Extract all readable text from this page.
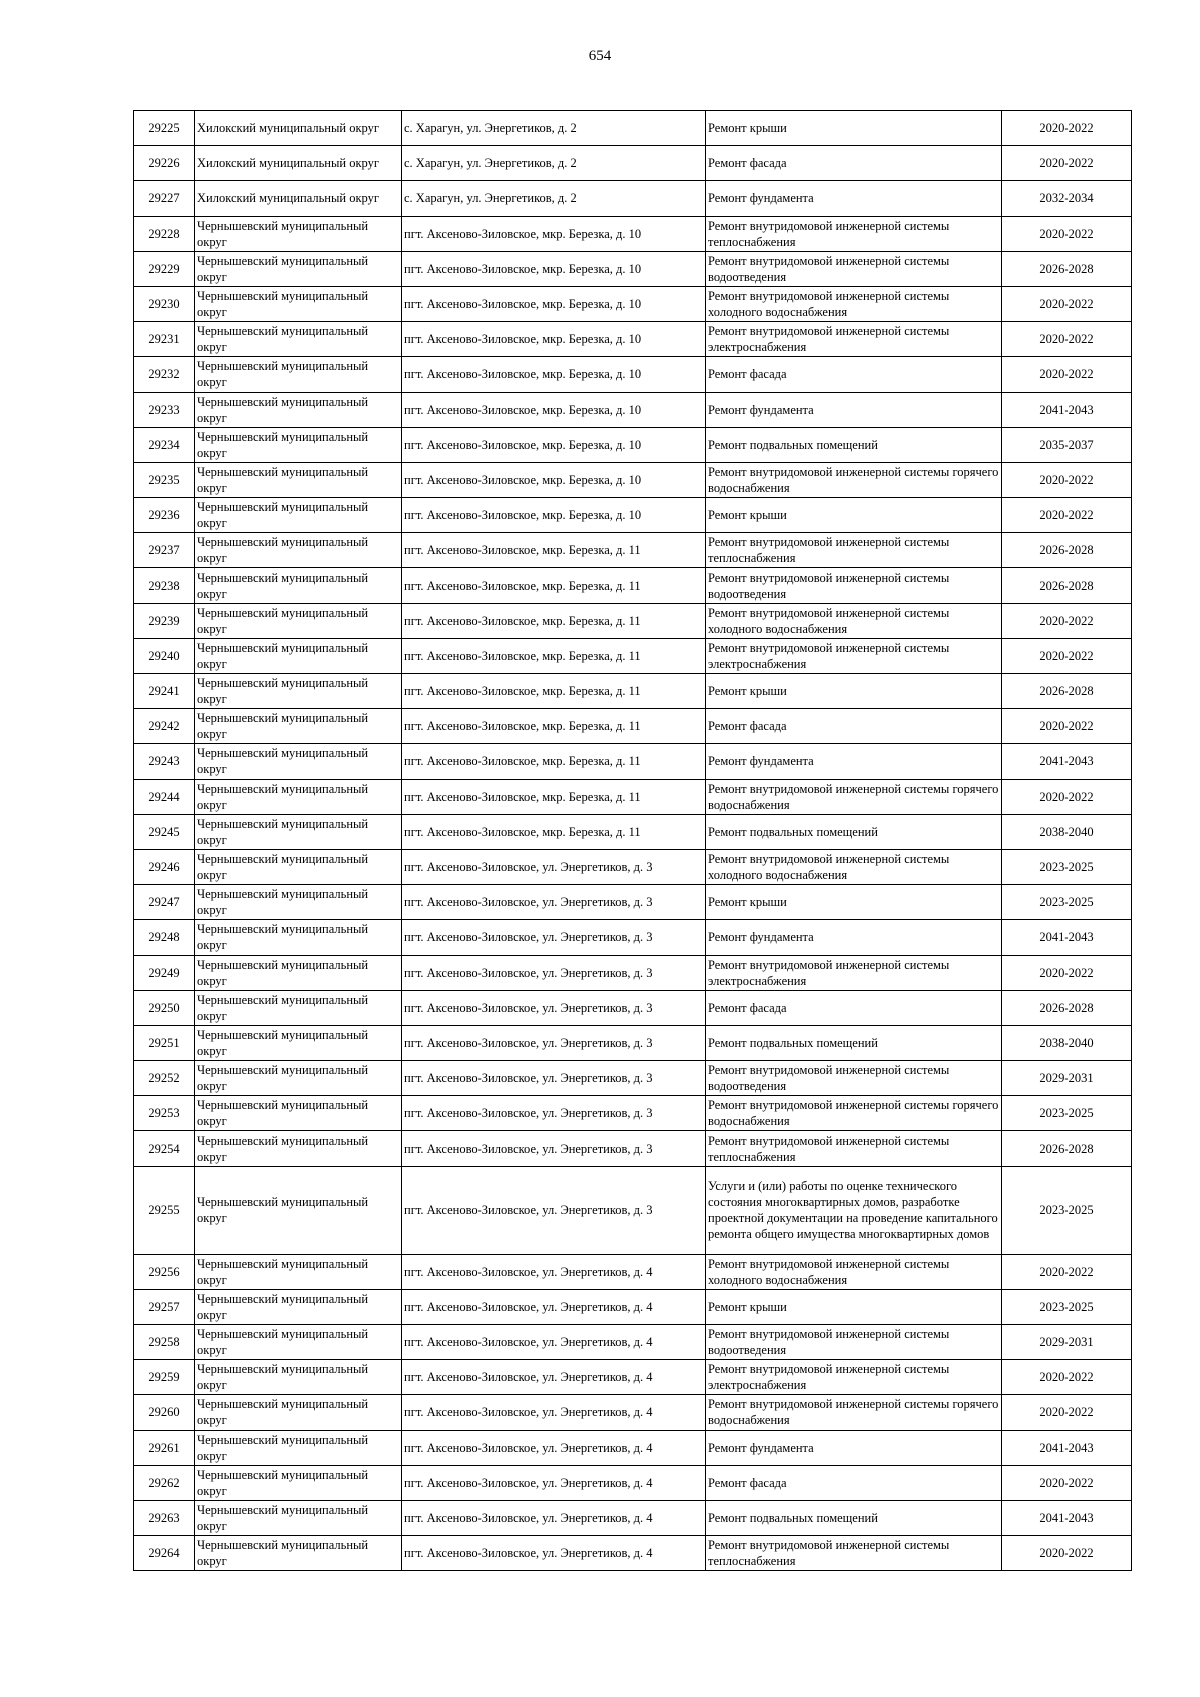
654
29225	Хилокский муниципальный округ	с. Харагун, ул. Энергетиков, д. 2	Ремонт крыши	2020-2022
29226	Хилокский муниципальный округ	с. Харагун, ул. Энергетиков, д. 2	Ремонт фасада	2020-2022
29227	Хилокский муниципальный округ	с. Харагун, ул. Энергетиков, д. 2	Ремонт фундамента	2032-2034
29228	Чернышевский муниципальный округ	пгт. Аксеново-Зиловское, мкр. Березка, д. 10	Ремонт внутридомовой инженерной системы теплоснабжения	2020-2022
29229	Чернышевский муниципальный округ	пгт. Аксеново-Зиловское, мкр. Березка, д. 10	Ремонт внутридомовой инженерной системы водоотведения	2026-2028
29230	Чернышевский муниципальный округ	пгт. Аксеново-Зиловское, мкр. Березка, д. 10	Ремонт внутридомовой инженерной системы холодного водоснабжения	2020-2022
29231	Чернышевский муниципальный округ	пгт. Аксеново-Зиловское, мкр. Березка, д. 10	Ремонт внутридомовой инженерной системы электроснабжения	2020-2022
29232	Чернышевский муниципальный округ	пгт. Аксеново-Зиловское, мкр. Березка, д. 10	Ремонт фасада	2020-2022
29233	Чернышевский муниципальный округ	пгт. Аксеново-Зиловское, мкр. Березка, д. 10	Ремонт фундамента	2041-2043
29234	Чернышевский муниципальный округ	пгт. Аксеново-Зиловское, мкр. Березка, д. 10	Ремонт подвальных помещений	2035-2037
29235	Чернышевский муниципальный округ	пгт. Аксеново-Зиловское, мкр. Березка, д. 10	Ремонт внутридомовой инженерной системы горячего водоснабжения	2020-2022
29236	Чернышевский муниципальный округ	пгт. Аксеново-Зиловское, мкр. Березка, д. 10	Ремонт крыши	2020-2022
29237	Чернышевский муниципальный округ	пгт. Аксеново-Зиловское, мкр. Березка, д. 11	Ремонт внутридомовой инженерной системы теплоснабжения	2026-2028
29238	Чернышевский муниципальный округ	пгт. Аксеново-Зиловское, мкр. Березка, д. 11	Ремонт внутридомовой инженерной системы водоотведения	2026-2028
29239	Чернышевский муниципальный округ	пгт. Аксеново-Зиловское, мкр. Березка, д. 11	Ремонт внутридомовой инженерной системы холодного водоснабжения	2020-2022
29240	Чернышевский муниципальный округ	пгт. Аксеново-Зиловское, мкр. Березка, д. 11	Ремонт внутридомовой инженерной системы электроснабжения	2020-2022
29241	Чернышевский муниципальный округ	пгт. Аксеново-Зиловское, мкр. Березка, д. 11	Ремонт крыши	2026-2028
29242	Чернышевский муниципальный округ	пгт. Аксеново-Зиловское, мкр. Березка, д. 11	Ремонт фасада	2020-2022
29243	Чернышевский муниципальный округ	пгт. Аксеново-Зиловское, мкр. Березка, д. 11	Ремонт фундамента	2041-2043
29244	Чернышевский муниципальный округ	пгт. Аксеново-Зиловское, мкр. Березка, д. 11	Ремонт внутридомовой инженерной системы горячего водоснабжения	2020-2022
29245	Чернышевский муниципальный округ	пгт. Аксеново-Зиловское, мкр. Березка, д. 11	Ремонт подвальных помещений	2038-2040
29246	Чернышевский муниципальный округ	пгт. Аксеново-Зиловское, ул. Энергетиков, д. 3	Ремонт внутридомовой инженерной системы холодного водоснабжения	2023-2025
29247	Чернышевский муниципальный округ	пгт. Аксеново-Зиловское, ул. Энергетиков, д. 3	Ремонт крыши	2023-2025
29248	Чернышевский муниципальный округ	пгт. Аксеново-Зиловское, ул. Энергетиков, д. 3	Ремонт фундамента	2041-2043
29249	Чернышевский муниципальный округ	пгт. Аксеново-Зиловское, ул. Энергетиков, д. 3	Ремонт внутридомовой инженерной системы электроснабжения	2020-2022
29250	Чернышевский муниципальный округ	пгт. Аксеново-Зиловское, ул. Энергетиков, д. 3	Ремонт фасада	2026-2028
29251	Чернышевский муниципальный округ	пгт. Аксеново-Зиловское, ул. Энергетиков, д. 3	Ремонт подвальных помещений	2038-2040
29252	Чернышевский муниципальный округ	пгт. Аксеново-Зиловское, ул. Энергетиков, д. 3	Ремонт внутридомовой инженерной системы водоотведения	2029-2031
29253	Чернышевский муниципальный округ	пгт. Аксеново-Зиловское, ул. Энергетиков, д. 3	Ремонт внутридомовой инженерной системы горячего водоснабжения	2023-2025
29254	Чернышевский муниципальный округ	пгт. Аксеново-Зиловское, ул. Энергетиков, д. 3	Ремонт внутридомовой инженерной системы теплоснабжения	2026-2028
29255	Чернышевский муниципальный округ	пгт. Аксеново-Зиловское, ул. Энергетиков, д. 3	Услуги и (или) работы по оценке технического состояния многоквартирных домов, разработке проектной документации на проведение капитального ремонта общего имущества многоквартирных домов	2023-2025
29256	Чернышевский муниципальный округ	пгт. Аксеново-Зиловское, ул. Энергетиков, д. 4	Ремонт внутридомовой инженерной системы холодного водоснабжения	2020-2022
29257	Чернышевский муниципальный округ	пгт. Аксеново-Зиловское, ул. Энергетиков, д. 4	Ремонт крыши	2023-2025
29258	Чернышевский муниципальный округ	пгт. Аксеново-Зиловское, ул. Энергетиков, д. 4	Ремонт внутридомовой инженерной системы водоотведения	2029-2031
29259	Чернышевский муниципальный округ	пгт. Аксеново-Зиловское, ул. Энергетиков, д. 4	Ремонт внутридомовой инженерной системы электроснабжения	2020-2022
29260	Чернышевский муниципальный округ	пгт. Аксеново-Зиловское, ул. Энергетиков, д. 4	Ремонт внутридомовой инженерной системы горячего водоснабжения	2020-2022
29261	Чернышевский муниципальный округ	пгт. Аксеново-Зиловское, ул. Энергетиков, д. 4	Ремонт фундамента	2041-2043
29262	Чернышевский муниципальный округ	пгт. Аксеново-Зиловское, ул. Энергетиков, д. 4	Ремонт фасада	2020-2022
29263	Чернышевский муниципальный округ	пгт. Аксеново-Зиловское, ул. Энергетиков, д. 4	Ремонт подвальных помещений	2041-2043
29264	Чернышевский муниципальный округ	пгт. Аксеново-Зиловское, ул. Энергетиков, д. 4	Ремонт внутридомовой инженерной системы теплоснабжения	2020-2022
